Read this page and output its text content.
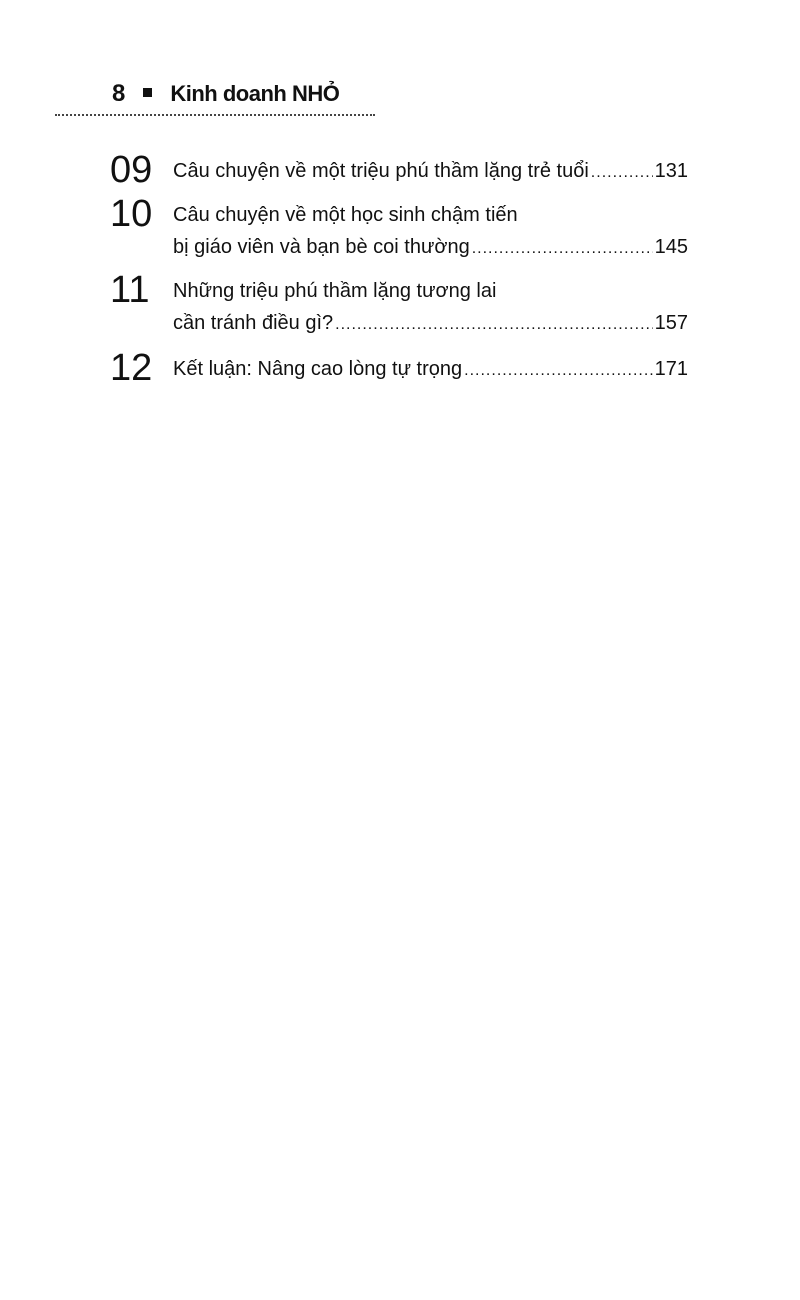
8 Kinh doanh NHỎ
09 Câu chuyện về một triệu phú thầm lặng trẻ tuổi .....	131
10 Câu chuyện về một học sinh chậm tiến
bị giáo viên và bạn bè coi thường .....	145
11 Những triệu phú thầm lặng tương lai
cần tránh điều gì? .....	157
12 Kết luận: Nâng cao lòng tự trọng .....	171
